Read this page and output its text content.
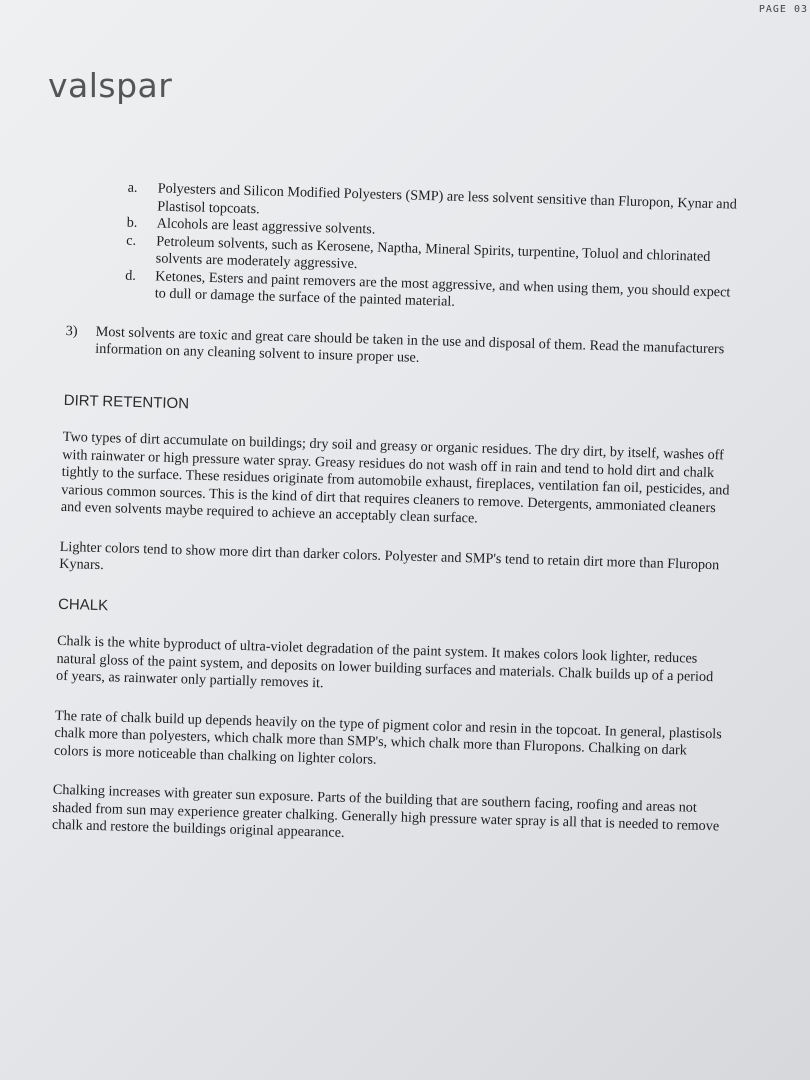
PAGE 03
valspar
a. Polyesters and Silicon Modified Polyesters (SMP) are less solvent sensitive than Fluropon, Kynar and Plastisol topcoats.
b. Alcohols are least aggressive solvents.
c. Petroleum solvents, such as Kerosene, Naptha, Mineral Spirits, turpentine, Toluol and chlorinated solvents are moderately aggressive.
d. Ketones, Esters and paint removers are the most aggressive, and when using them, you should expect to dull or damage the surface of the painted material.
3) Most solvents are toxic and great care should be taken in the use and disposal of them. Read the manufacturers information on any cleaning solvent to insure proper use.
DIRT RETENTION

Two types of dirt accumulate on buildings; dry soil and greasy or organic residues. The dry dirt, by itself, washes off with rainwater or high pressure water spray. Greasy residues do not wash off in rain and tend to hold dirt and chalk tightly to the surface. These residues originate from automobile exhaust, fireplaces, ventilation fan oil, pesticides, and various common sources. This is the kind of dirt that requires cleaners to remove. Detergents, ammoniated cleaners and even solvents maybe required to achieve an acceptably clean surface.

Lighter colors tend to show more dirt than darker colors. Polyester and SMP's tend to retain dirt more than Fluropon Kynars.

CHALK

Chalk is the white byproduct of ultra-violet degradation of the paint system. It makes colors look lighter, reduces natural gloss of the paint system, and deposits on lower building surfaces and materials. Chalk builds up of a period of years, as rainwater only partially removes it.

The rate of chalk build up depends heavily on the type of pigment color and resin in the topcoat. In general, plastisols chalk more than polyesters, which chalk more than SMP's, which chalk more than Fluropons. Chalking on dark colors is more noticeable than chalking on lighter colors.

Chalking increases with greater sun exposure. Parts of the building that are southern facing, roofing and areas not shaded from sun may experience greater chalking. Generally high pressure water spray is all that is needed to remove chalk and restore the buildings original appearance.
